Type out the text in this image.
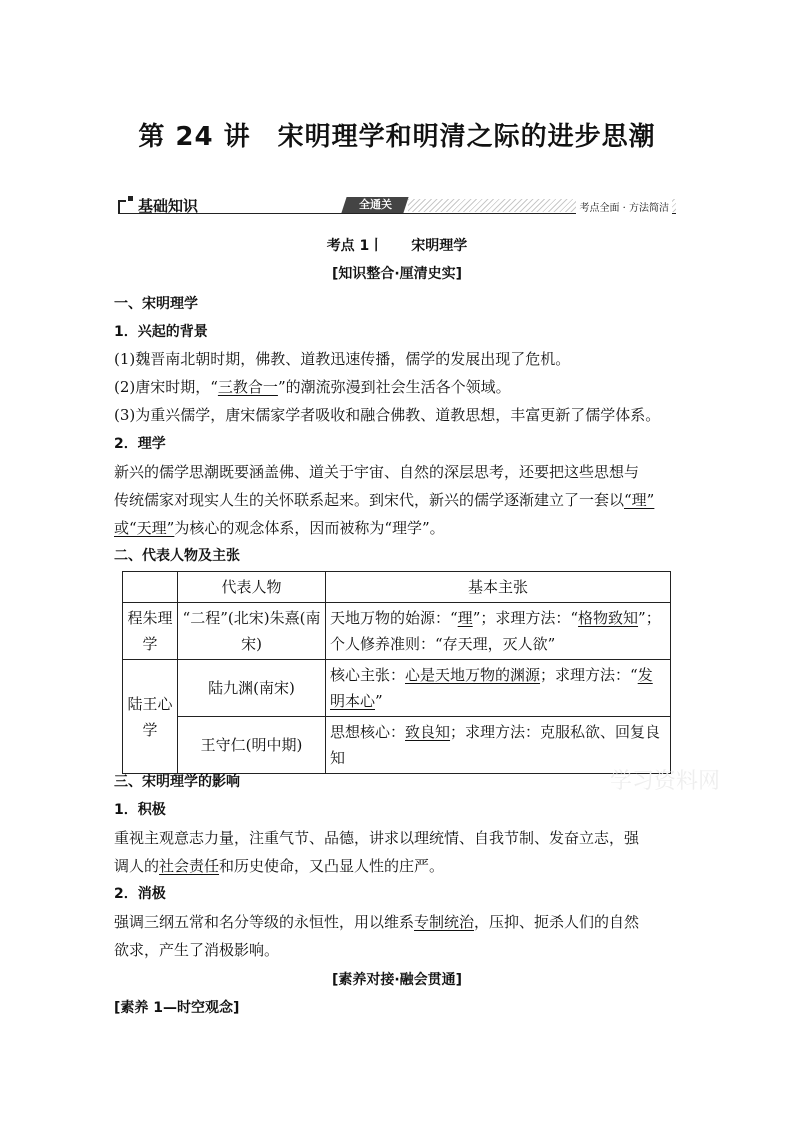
第 24 讲　宋明理学和明清之际的进步思潮
基础知识	全通关	考点全面 · 方法简洁
考点 1丨　　宋明理学
[知识整合·厘清史实]
一、宋明理学
1．兴起的背景
(1)魏晋南北朝时期，佛教、道教迅速传播，儒学的发展出现了危机。
(2)唐宋时期，“三教合一”的潮流弥漫到社会生活各个领域。
(3)为重兴儒学，唐宋儒家学者吸收和融合佛教、道教思想，丰富更新了儒学体系。
2．理学
新兴的儒学思潮既要涵盖佛、道关于宇宙、自然的深层思考，还要把这些思想与
传统儒家对现实人生的关怀联系起来。到宋代，新兴的儒学逐渐建立了一套以“理”
或“天理”为核心的观念体系，因而被称为“理学”。
二、代表人物及主张
	代表人物	基本主张
程朱理学	“二程”(北宋)朱熹(南宋)	天地万物的始源：“理”；求理方法：“格物致知”；个人修养准则：“存天理，灭人欲”
陆王心学	陆九渊(南宋)	核心主张：心是天地万物的渊源；求理方法：“发明本心”
	王守仁(明中期)	思想核心：致良知；求理方法：克服私欲、回复良知
学习资料网
三、宋明理学的影响
1．积极
重视主观意志力量，注重气节、品德，讲求以理统情、自我节制、发奋立志，强
调人的社会责任和历史使命，又凸显人性的庄严。
2．消极
强调三纲五常和名分等级的永恒性，用以维系专制统治，压抑、扼杀人们的自然
欲求，产生了消极影响。
[素养对接·融会贯通]
[素养 1—时空观念]
